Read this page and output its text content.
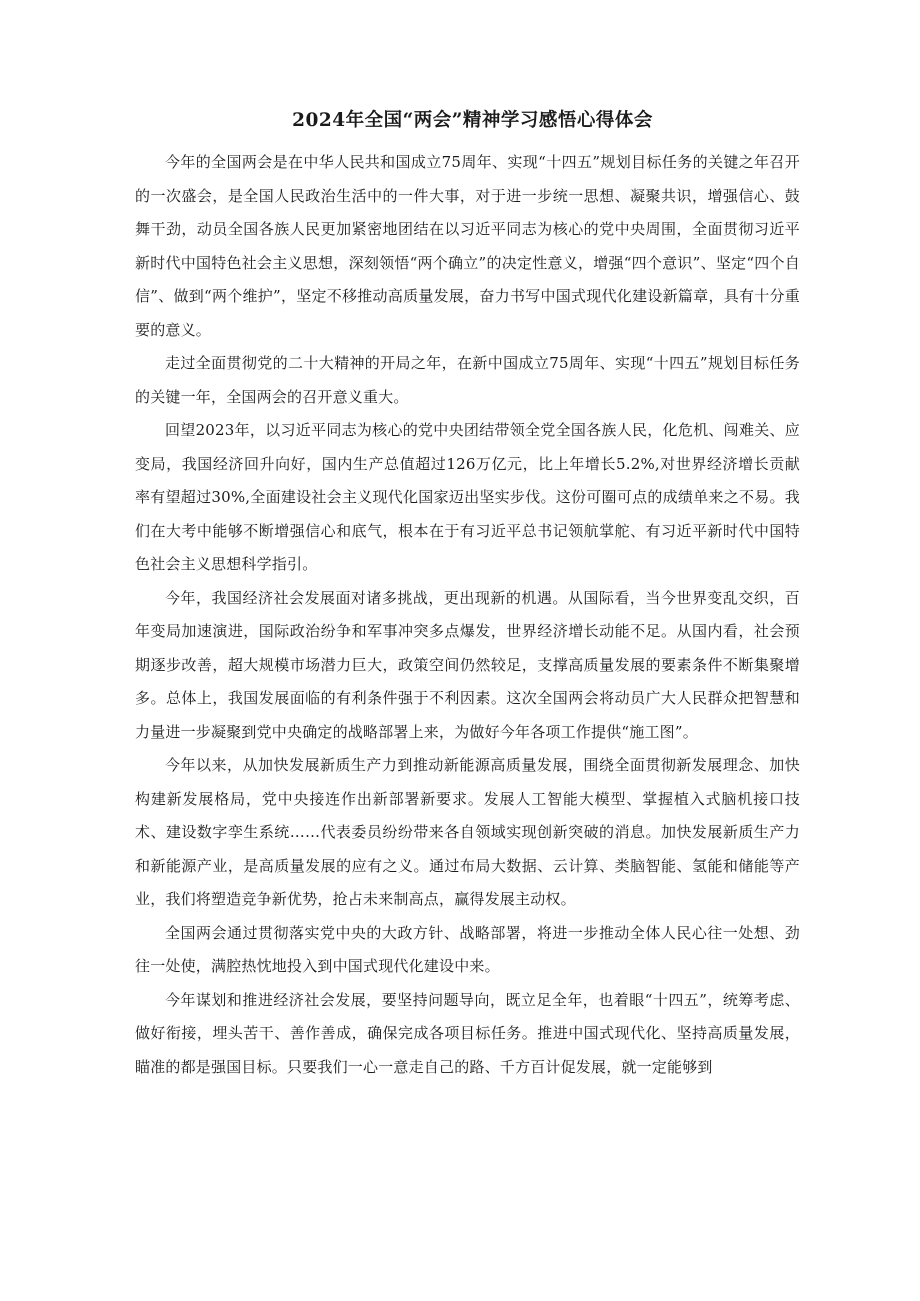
2024年全国“两会”精神学习感悟心得体会

今年的全国两会是在中华人民共和国成立75周年、实现“十四五”规划目标任务的关键之年召开的一次盛会，是全国人民政治生活中的一件大事，对于进一步统一思想、凝聚共识，增强信心、鼓舞干劲，动员全国各族人民更加紧密地团结在以习近平同志为核心的党中央周围，全面贯彻习近平新时代中国特色社会主义思想，深刻领悟“两个确立”的决定性意义，增强“四个意识”、坚定“四个自信”、做到“两个维护”，坚定不移推动高质量发展，奋力书写中国式现代化建设新篇章，具有十分重要的意义。

走过全面贯彻党的二十大精神的开局之年，在新中国成立75周年、实现“十四五”规划目标任务的关键一年，全国两会的召开意义重大。

回望2023年，以习近平同志为核心的党中央团结带领全党全国各族人民，化危机、闯难关、应变局，我国经济回升向好，国内生产总值超过126万亿元，比上年增长5.2%,对世界经济增长贡献率有望超过30%,全面建设社会主义现代化国家迈出坚实步伐。这份可圈可点的成绩单来之不易。我们在大考中能够不断增强信心和底气，根本在于有习近平总书记领航掌舵、有习近平新时代中国特色社会主义思想科学指引。

今年，我国经济社会发展面对诸多挑战，更出现新的机遇。从国际看，当今世界变乱交织，百年变局加速演进，国际政治纷争和军事冲突多点爆发，世界经济增长动能不足。从国内看，社会预期逐步改善，超大规模市场潜力巨大，政策空间仍然较足，支撑高质量发展的要素条件不断集聚增多。总体上，我国发展面临的有利条件强于不利因素。这次全国两会将动员广大人民群众把智慧和力量进一步凝聚到党中央确定的战略部署上来，为做好今年各项工作提供“施工图”。

今年以来，从加快发展新质生产力到推动新能源高质量发展，围绕全面贯彻新发展理念、加快构建新发展格局，党中央接连作出新部署新要求。发展人工智能大模型、掌握植入式脑机接口技术、建设数字孪生系统……代表委员纷纷带来各自领域实现创新突破的消息。加快发展新质生产力和新能源产业，是高质量发展的应有之义。通过布局大数据、云计算、类脑智能、氢能和储能等产业，我们将塑造竞争新优势，抢占未来制高点，赢得发展主动权。

全国两会通过贯彻落实党中央的大政方针、战略部署，将进一步推动全体人民心往一处想、劲往一处使，满腔热忱地投入到中国式现代化建设中来。

今年谋划和推进经济社会发展，要坚持问题导向，既立足全年，也着眼“十四五”，统筹考虑、做好衔接，埋头苦干、善作善成，确保完成各项目标任务。推进中国式现代化、坚持高质量发展，瞄准的都是强国目标。只要我们一心一意走自己的路、千方百计促发展，就一定能够到
